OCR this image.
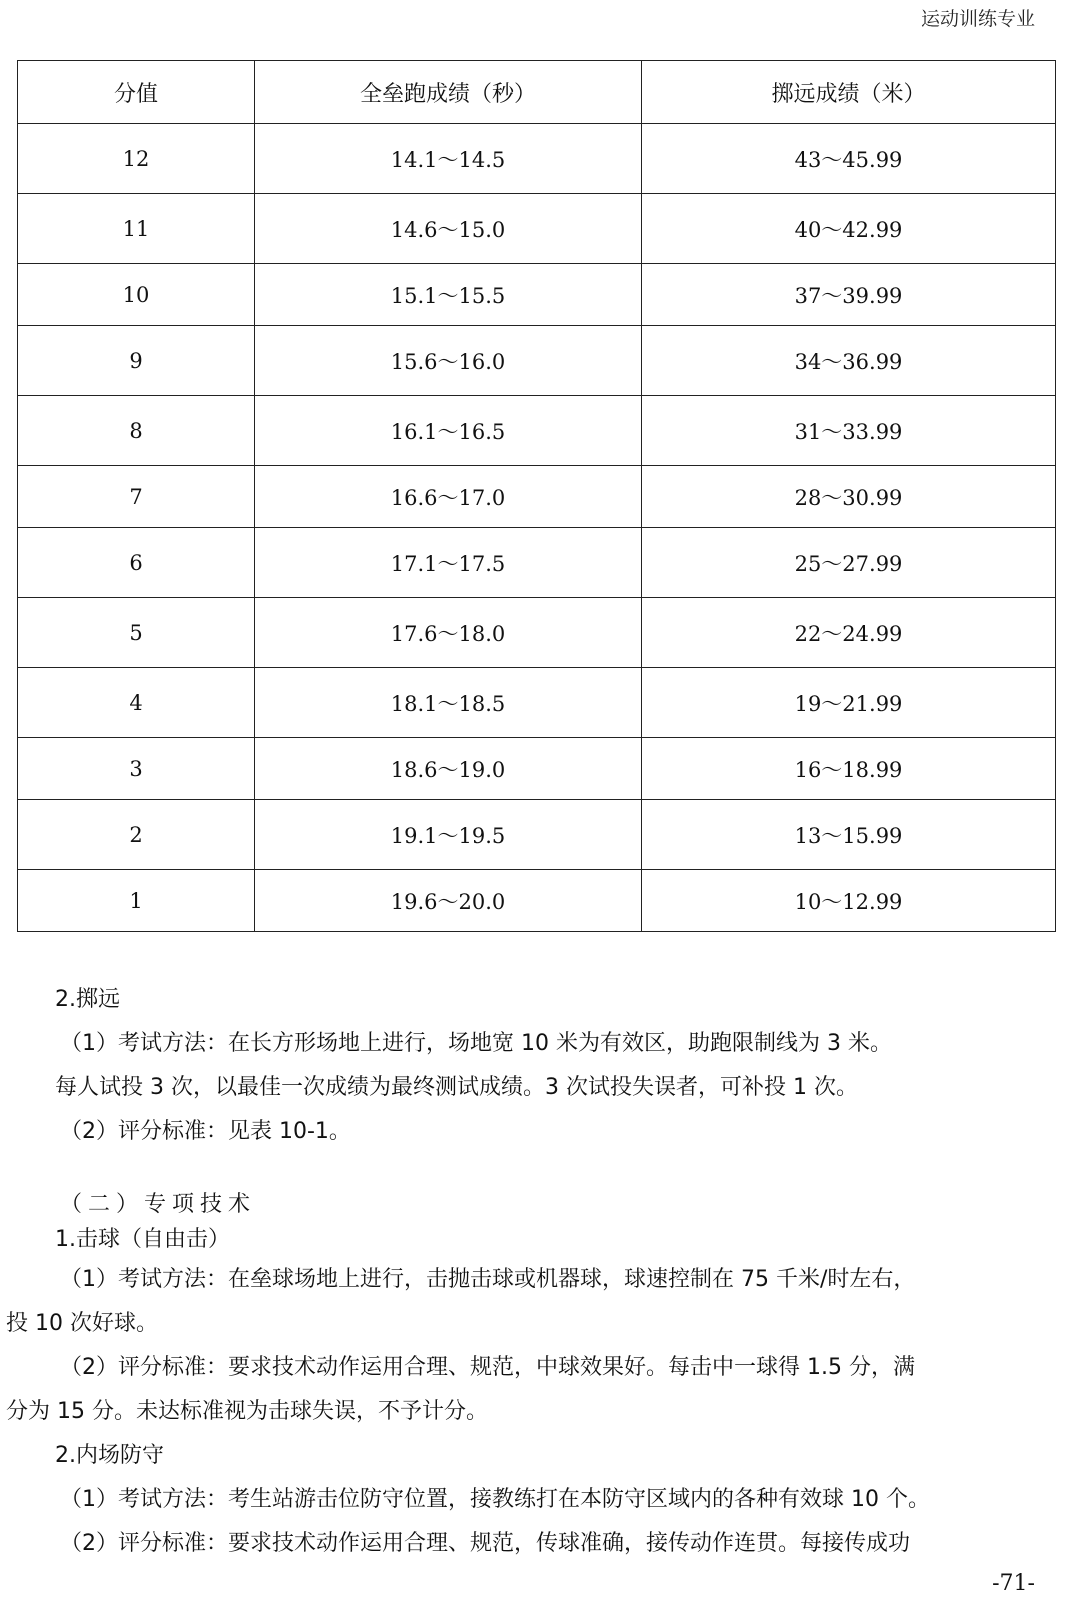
运动训练专业
分值	全垒跑成绩（秒）	掷远成绩（米）
12	14.1～14.5	43～45.99
11	14.6～15.0	40～42.99
10	15.1～15.5	37～39.99
9	15.6～16.0	34～36.99
8	16.1～16.5	31～33.99
7	16.6～17.0	28～30.99
6	17.1～17.5	25～27.99
5	17.6～18.0	22～24.99
4	18.1～18.5	19～21.99
3	18.6～19.0	16～18.99
2	19.1～19.5	13～15.99
1	19.6～20.0	10～12.99

2.掷远

（1）考试方法：在长方形场地上进行，场地宽 10 米为有效区，助跑限制线为 3 米。

每人试投 3 次，以最佳一次成绩为最终测试成绩。3 次试投失误者，可补投 1 次。

（2）评分标准：见表 10-1。

（二）专项技术

1.击球（自由击）

（1）考试方法：在垒球场地上进行，击抛击球或机器球，球速控制在 75 千米/时左右，

投 10 次好球。

（2）评分标准：要求技术动作运用合理、规范，中球效果好。每击中一球得 1.5 分，满

分为 15 分。未达标准视为击球失误，不予计分。

2.内场防守

（1）考试方法：考生站游击位防守位置，接教练打在本防守区域内的各种有效球 10 个。

（2）评分标准：要求技术动作运用合理、规范，传球准确，接传动作连贯。每接传成功

-71-
